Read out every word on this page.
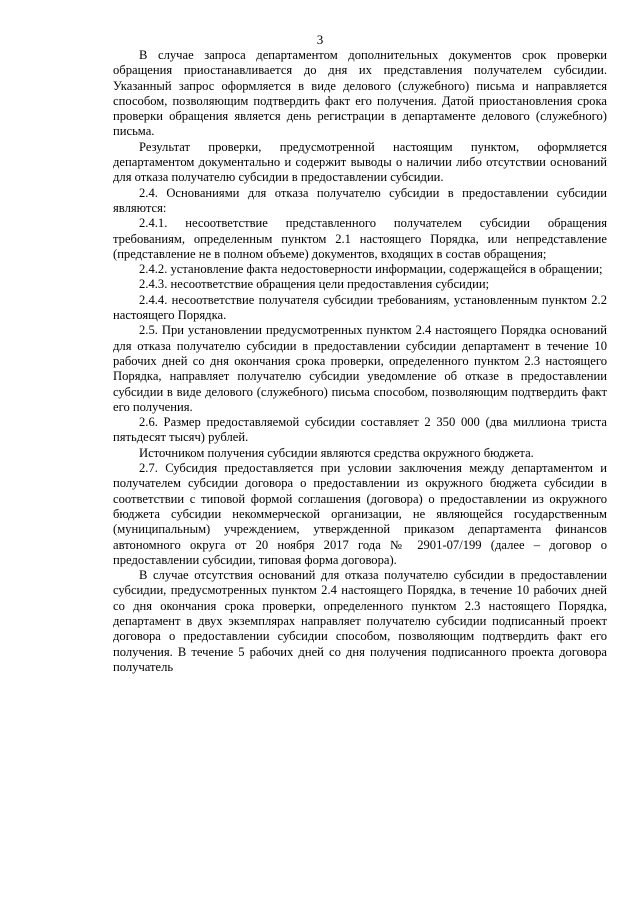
3

В случае запроса департаментом дополнительных документов срок проверки обращения приостанавливается до дня их представления получателем субсидии. Указанный запрос оформляется в виде делового (служебного) письма и направляется способом, позволяющим подтвердить факт его получения. Датой приостановления срока проверки обращения является день регистрации в департаменте делового (служебного) письма.

Результат проверки, предусмотренной настоящим пунктом, оформляется департаментом документально и содержит выводы о наличии либо отсутствии оснований для отказа получателю субсидии в предоставлении субсидии.

2.4. Основаниями для отказа получателю субсидии в предоставлении субсидии являются:

2.4.1. несоответствие представленного получателем субсидии обращения требованиям, определенным пунктом 2.1 настоящего Порядка, или непредставление (представление не в полном объеме) документов, входящих в состав обращения;

2.4.2. установление факта недостоверности информации, содержащейся в обращении;

2.4.3. несоответствие обращения цели предоставления субсидии;

2.4.4. несоответствие получателя субсидии требованиям, установленным пунктом 2.2 настоящего Порядка.

2.5. При установлении предусмотренных пунктом 2.4 настоящего Порядка оснований для отказа получателю субсидии в предоставлении субсидии департамент в течение 10 рабочих дней со дня окончания срока проверки, определенного пунктом 2.3 настоящего Порядка, направляет получателю субсидии уведомление об отказе в предоставлении субсидии в виде делового (служебного) письма способом, позволяющим подтвердить факт его получения.

2.6. Размер предоставляемой субсидии составляет 2 350 000 (два миллиона триста пятьдесят тысяч) рублей.

Источником получения субсидии являются средства окружного бюджета.

2.7. Субсидия предоставляется при условии заключения между департаментом и получателем субсидии договора о предоставлении из окружного бюджета субсидии в соответствии с типовой формой соглашения (договора) о предоставлении из окружного бюджета субсидии некоммерческой организации, не являющейся государственным (муниципальным) учреждением, утвержденной приказом департамента финансов автономного округа от 20 ноября 2017 года № 2901-07/199 (далее – договор о предоставлении субсидии, типовая форма договора).

В случае отсутствия оснований для отказа получателю субсидии в предоставлении субсидии, предусмотренных пунктом 2.4 настоящего Порядка, в течение 10 рабочих дней со дня окончания срока проверки, определенного пунктом 2.3 настоящего Порядка, департамент в двух экземплярах направляет получателю субсидии подписанный проект договора о предоставлении субсидии способом, позволяющим подтвердить факт его получения. В течение 5 рабочих дней со дня получения подписанного проекта договора получатель
